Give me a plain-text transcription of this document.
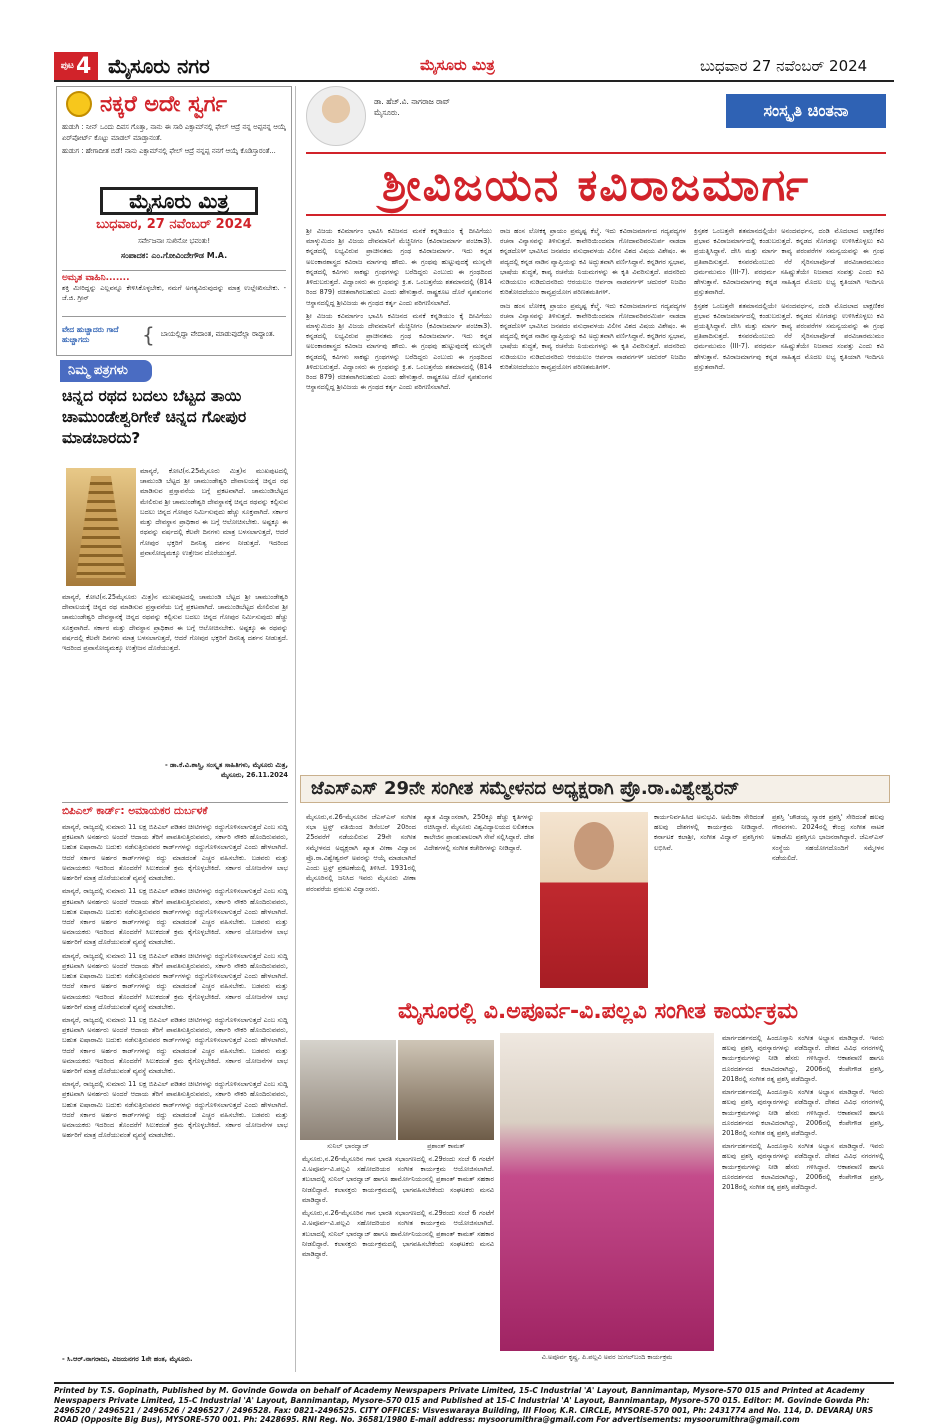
ಪುಟ 4 ಮೈಸೂರು ನಗರ	ಮೈಸೂರು ಮಿತ್ರ	ಬುಧವಾರ 27 ನವೆಂಬರ್ 2024
ನಕ್ಕರೆ ಅದೇ ಸ್ವರ್ಗ

ಹುಡುಗಿ : ನೀನ್ ಒಂದು ದಿವಸ ಗೊತ್ತಾ, ನಾನು ಈ ಸಾರಿ ಎಕ್ಸಾಮ್‌ನಲ್ಲಿ ಫೇಲ್ ಆದ್ರೆ ನನ್ನ ಅಪ್ಪನನ್ನ ಆಯ್ಕೆ ಏರ್‌ಪೋರ್ಟ್ ಕೊಟ್ಟು ಮಾಡಲ್ ಮಾಡ್ತಾನಂತೆ.

ಹುಡುಗ : ಹೇಗಾದೀತ ಬಿಡೆ! ನಾನು ಎಕ್ಸಾಮ್‌ನಲ್ಲಿ ಫೇಲ್ ಆದ್ರೆ ನನ್ನಪ್ಪ ನನಗೆ ಆಯ್ಕೆ ಕೊಡಿಸ್ತಾರಂತೆ...

ಮೈಸೂರು ಮಿತ್ರ
ಬುಧವಾರ, 27 ನವೆಂಬರ್ 2024

ಸರ್ವೇಜನಾಃ ಸುಖಿನೋ ಭವಂತು!

ಸಂಪಾದಕ: ಎಂ.ಗೋವಿಂದೇಗೌಡ M.A.

ಅಮೃತ ವಾಹಿನಿ.......
ಶಕ್ತಿ ಮೀರಿದ್ದನ್ನು ಎಲ್ಲವನ್ನೂ ಕೇಳಿಸಿಕೊಳ್ಳಬೇಕು, ನಮಗೆ ಅಗತ್ಯವಿರುವುದನ್ನು ಮಾತ್ರ ಉಲ್ಲೇಖಿಸಬೇಕು. - ಜೆ.ಜಿ. ಗ್ರೀನ್
ವೇದ ಹುಚ್ಚಾದರು ಗಾದೆ ಹುಚ್ಚಾಗದು	{ ಬಾಯಲ್ಲಿದ್ದಾ ವೇದಾಂತ, ಮಾಡುವುದೆಲ್ಲಾ ರಾದ್ಧಾಂತ.
ನಿಮ್ಮ ಪತ್ರಗಳು
ಚಿನ್ನದ ರಥದ ಬದಲು ಬೆಟ್ಟದ ತಾಯಿ ಚಾಮುಂಡೇಶ್ವರಿಗೇಕೆ ಚಿನ್ನದ ಗೋಪುರ ಮಾಡಬಾರದು?

ಮಾನ್ಯರೆ, ಕೋಟಿ(ನ.25ಮೈಸೂರು ಮಿತ್ರ)ನ ಮುಖಪುಟದಲ್ಲಿ ಚಾಮುಂಡಿ ಬೆಟ್ಟದ ಶ್ರೀ ಚಾಮುಂಡೇಶ್ವರಿ ದೇವಾಲಯಕ್ಕೆ ಚಿನ್ನದ ರಥ ಮಾಡಿಸುವ ಪ್ರಸ್ತಾವನೆಯ ಬಗ್ಗೆ ಪ್ರಕಟವಾಗಿದೆ. ಚಾಮುಂಡಿಬೆಟ್ಟದ ಮೇಲಿರುವ ಶ್ರೀ ಚಾಮುಂಡೇಶ್ವರಿ ದೇವಸ್ಥಾನಕ್ಕೆ ಚಿನ್ನದ ರಥವನ್ನು ಕಲ್ಪಿಸುವ ಬದಲು ಚಿನ್ನದ ಗೋಪುರ ನಿರ್ಮಿಸುವುದು ಹೆಚ್ಚು ಸೂಕ್ತವಾಗಿದೆ. ಸರ್ಕಾರ ಮತ್ತು ದೇವಸ್ಥಾನ ಪ್ರಾಧಿಕಾರ ಈ ಬಗ್ಗೆ ಆಲೋಚಿಸಬೇಕು. ಅಷ್ಟಕ್ಕೂ ಈ ರಥವನ್ನು ವರ್ಷದಲ್ಲಿ ಕೆಲವೇ ದಿನಗಳು ಮಾತ್ರ ಬಳಸಲಾಗುತ್ತದೆ, ಆದರೆ ಗೋಪುರ ಭಕ್ತರಿಗೆ ದಿನನಿತ್ಯ ದರ್ಶನ ನೀಡುತ್ತದೆ. ಇದರಿಂದ ಪ್ರವಾಸೋದ್ಯಮಕ್ಕೂ ಉತ್ತೇಜನ ದೊರೆಯುತ್ತದೆ.

ಮಾನ್ಯರೆ, ಕೋಟಿ(ನ.25ಮೈಸೂರು ಮಿತ್ರ)ನ ಮುಖಪುಟದಲ್ಲಿ ಚಾಮುಂಡಿ ಬೆಟ್ಟದ ಶ್ರೀ ಚಾಮುಂಡೇಶ್ವರಿ ದೇವಾಲಯಕ್ಕೆ ಚಿನ್ನದ ರಥ ಮಾಡಿಸುವ ಪ್ರಸ್ತಾವನೆಯ ಬಗ್ಗೆ ಪ್ರಕಟವಾಗಿದೆ. ಚಾಮುಂಡಿಬೆಟ್ಟದ ಮೇಲಿರುವ ಶ್ರೀ ಚಾಮುಂಡೇಶ್ವರಿ ದೇವಸ್ಥಾನಕ್ಕೆ ಚಿನ್ನದ ರಥವನ್ನು ಕಲ್ಪಿಸುವ ಬದಲು ಚಿನ್ನದ ಗೋಪುರ ನಿರ್ಮಿಸುವುದು ಹೆಚ್ಚು ಸೂಕ್ತವಾಗಿದೆ. ಸರ್ಕಾರ ಮತ್ತು ದೇವಸ್ಥಾನ ಪ್ರಾಧಿಕಾರ ಈ ಬಗ್ಗೆ ಆಲೋಚಿಸಬೇಕು. ಅಷ್ಟಕ್ಕೂ ಈ ರಥವನ್ನು ವರ್ಷದಲ್ಲಿ ಕೆಲವೇ ದಿನಗಳು ಮಾತ್ರ ಬಳಸಲಾಗುತ್ತದೆ, ಆದರೆ ಗೋಪುರ ಭಕ್ತರಿಗೆ ದಿನನಿತ್ಯ ದರ್ಶನ ನೀಡುತ್ತದೆ. ಇದರಿಂದ ಪ್ರವಾಸೋದ್ಯಮಕ್ಕೂ ಉತ್ತೇಜನ ದೊರೆಯುತ್ತದೆ.

- ಡಾ.ಕೆ.ವಿ.ಶಾಸ್ತ್ರಿ, ಸಂಸ್ಕೃತ ಸಾಹಿತಿಗಳು, ಮೈಸೂರು ಮಿತ್ರ, ಮೈಸೂರು, 26.11.2024
ಬಿಪಿಎಲ್ ಕಾರ್ಡ್: ಅಮಾಯಕರ ದುರ್ಬಳಕೆ

ಮಾನ್ಯರೆ, ರಾಜ್ಯದಲ್ಲಿ ಸುಮಾರು 11 ಲಕ್ಷ ಬಿಪಿಎಲ್ ಪಡಿತರ ಚೀಟಿಗಳನ್ನು ರದ್ದುಗೊಳಿಸಲಾಗುತ್ತದೆ ಎಂಬ ಸುದ್ದಿ ಪ್ರಕಟವಾಗಿ ಅನರ್ಹರು ಅಂದರೆ ಆದಾಯ ತೆರಿಗೆ ಪಾವತಿಸುತ್ತಿರುವವರು, ಸರ್ಕಾರಿ ನೌಕರಿ ಹೊಂದಿರುವವರು, ಬಹುತ ಐಷಾರಾಮಿ ಬದುಕು ನಡೆಸುತ್ತಿರುವವರ ಕಾರ್ಡ್‌ಗಳನ್ನು ರದ್ದುಗೊಳಿಸಲಾಗುತ್ತದೆ ಎಂದು ಹೇಳಲಾಗಿದೆ. ಆದರೆ ಸರ್ಕಾರ ಅರ್ಹರ ಕಾರ್ಡ್‌ಗಳನ್ನು ರದ್ದು ಮಾಡದಂತೆ ಎಚ್ಚರ ವಹಿಸಬೇಕು. ಬಡವರು ಮತ್ತು ಅಮಾಯಕರು ಇದರಿಂದ ತೊಂದರೆಗೆ ಸಿಲುಕದಂತೆ ಕ್ರಮ ಕೈಗೊಳ್ಳಬೇಕಿದೆ. ಸರ್ಕಾರ ಯೋಜನೆಗಳ ಲಾಭ ಅರ್ಹರಿಗೆ ಮಾತ್ರ ದೊರೆಯುವಂತೆ ವ್ಯವಸ್ಥೆ ಮಾಡಬೇಕು.

ಮಾನ್ಯರೆ, ರಾಜ್ಯದಲ್ಲಿ ಸುಮಾರು 11 ಲಕ್ಷ ಬಿಪಿಎಲ್ ಪಡಿತರ ಚೀಟಿಗಳನ್ನು ರದ್ದುಗೊಳಿಸಲಾಗುತ್ತದೆ ಎಂಬ ಸುದ್ದಿ ಪ್ರಕಟವಾಗಿ ಅನರ್ಹರು ಅಂದರೆ ಆದಾಯ ತೆರಿಗೆ ಪಾವತಿಸುತ್ತಿರುವವರು, ಸರ್ಕಾರಿ ನೌಕರಿ ಹೊಂದಿರುವವರು, ಬಹುತ ಐಷಾರಾಮಿ ಬದುಕು ನಡೆಸುತ್ತಿರುವವರ ಕಾರ್ಡ್‌ಗಳನ್ನು ರದ್ದುಗೊಳಿಸಲಾಗುತ್ತದೆ ಎಂದು ಹೇಳಲಾಗಿದೆ. ಆದರೆ ಸರ್ಕಾರ ಅರ್ಹರ ಕಾರ್ಡ್‌ಗಳನ್ನು ರದ್ದು ಮಾಡದಂತೆ ಎಚ್ಚರ ವಹಿಸಬೇಕು. ಬಡವರು ಮತ್ತು ಅಮಾಯಕರು ಇದರಿಂದ ತೊಂದರೆಗೆ ಸಿಲುಕದಂತೆ ಕ್ರಮ ಕೈಗೊಳ್ಳಬೇಕಿದೆ. ಸರ್ಕಾರ ಯೋಜನೆಗಳ ಲಾಭ ಅರ್ಹರಿಗೆ ಮಾತ್ರ ದೊರೆಯುವಂತೆ ವ್ಯವಸ್ಥೆ ಮಾಡಬೇಕು.

ಮಾನ್ಯರೆ, ರಾಜ್ಯದಲ್ಲಿ ಸುಮಾರು 11 ಲಕ್ಷ ಬಿಪಿಎಲ್ ಪಡಿತರ ಚೀಟಿಗಳನ್ನು ರದ್ದುಗೊಳಿಸಲಾಗುತ್ತದೆ ಎಂಬ ಸುದ್ದಿ ಪ್ರಕಟವಾಗಿ ಅನರ್ಹರು ಅಂದರೆ ಆದಾಯ ತೆರಿಗೆ ಪಾವತಿಸುತ್ತಿರುವವರು, ಸರ್ಕಾರಿ ನೌಕರಿ ಹೊಂದಿರುವವರು, ಬಹುತ ಐಷಾರಾಮಿ ಬದುಕು ನಡೆಸುತ್ತಿರುವವರ ಕಾರ್ಡ್‌ಗಳನ್ನು ರದ್ದುಗೊಳಿಸಲಾಗುತ್ತದೆ ಎಂದು ಹೇಳಲಾಗಿದೆ. ಆದರೆ ಸರ್ಕಾರ ಅರ್ಹರ ಕಾರ್ಡ್‌ಗಳನ್ನು ರದ್ದು ಮಾಡದಂತೆ ಎಚ್ಚರ ವಹಿಸಬೇಕು. ಬಡವರು ಮತ್ತು ಅಮಾಯಕರು ಇದರಿಂದ ತೊಂದರೆಗೆ ಸಿಲುಕದಂತೆ ಕ್ರಮ ಕೈಗೊಳ್ಳಬೇಕಿದೆ. ಸರ್ಕಾರ ಯೋಜನೆಗಳ ಲಾಭ ಅರ್ಹರಿಗೆ ಮಾತ್ರ ದೊರೆಯುವಂತೆ ವ್ಯವಸ್ಥೆ ಮಾಡಬೇಕು.

ಮಾನ್ಯರೆ, ರಾಜ್ಯದಲ್ಲಿ ಸುಮಾರು 11 ಲಕ್ಷ ಬಿಪಿಎಲ್ ಪಡಿತರ ಚೀಟಿಗಳನ್ನು ರದ್ದುಗೊಳಿಸಲಾಗುತ್ತದೆ ಎಂಬ ಸುದ್ದಿ ಪ್ರಕಟವಾಗಿ ಅನರ್ಹರು ಅಂದರೆ ಆದಾಯ ತೆರಿಗೆ ಪಾವತಿಸುತ್ತಿರುವವರು, ಸರ್ಕಾರಿ ನೌಕರಿ ಹೊಂದಿರುವವರು, ಬಹುತ ಐಷಾರಾಮಿ ಬದುಕು ನಡೆಸುತ್ತಿರುವವರ ಕಾರ್ಡ್‌ಗಳನ್ನು ರದ್ದುಗೊಳಿಸಲಾಗುತ್ತದೆ ಎಂದು ಹೇಳಲಾಗಿದೆ. ಆದರೆ ಸರ್ಕಾರ ಅರ್ಹರ ಕಾರ್ಡ್‌ಗಳನ್ನು ರದ್ದು ಮಾಡದಂತೆ ಎಚ್ಚರ ವಹಿಸಬೇಕು. ಬಡವರು ಮತ್ತು ಅಮಾಯಕರು ಇದರಿಂದ ತೊಂದರೆಗೆ ಸಿಲುಕದಂತೆ ಕ್ರಮ ಕೈಗೊಳ್ಳಬೇಕಿದೆ. ಸರ್ಕಾರ ಯೋಜನೆಗಳ ಲಾಭ ಅರ್ಹರಿಗೆ ಮಾತ್ರ ದೊರೆಯುವಂತೆ ವ್ಯವಸ್ಥೆ ಮಾಡಬೇಕು.

ಮಾನ್ಯರೆ, ರಾಜ್ಯದಲ್ಲಿ ಸುಮಾರು 11 ಲಕ್ಷ ಬಿಪಿಎಲ್ ಪಡಿತರ ಚೀಟಿಗಳನ್ನು ರದ್ದುಗೊಳಿಸಲಾಗುತ್ತದೆ ಎಂಬ ಸುದ್ದಿ ಪ್ರಕಟವಾಗಿ ಅನರ್ಹರು ಅಂದರೆ ಆದಾಯ ತೆರಿಗೆ ಪಾವತಿಸುತ್ತಿರುವವರು, ಸರ್ಕಾರಿ ನೌಕರಿ ಹೊಂದಿರುವವರು, ಬಹುತ ಐಷಾರಾಮಿ ಬದುಕು ನಡೆಸುತ್ತಿರುವವರ ಕಾರ್ಡ್‌ಗಳನ್ನು ರದ್ದುಗೊಳಿಸಲಾಗುತ್ತದೆ ಎಂದು ಹೇಳಲಾಗಿದೆ. ಆದರೆ ಸರ್ಕಾರ ಅರ್ಹರ ಕಾರ್ಡ್‌ಗಳನ್ನು ರದ್ದು ಮಾಡದಂತೆ ಎಚ್ಚರ ವಹಿಸಬೇಕು. ಬಡವರು ಮತ್ತು ಅಮಾಯಕರು ಇದರಿಂದ ತೊಂದರೆಗೆ ಸಿಲುಕದಂತೆ ಕ್ರಮ ಕೈಗೊಳ್ಳಬೇಕಿದೆ. ಸರ್ಕಾರ ಯೋಜನೆಗಳ ಲಾಭ ಅರ್ಹರಿಗೆ ಮಾತ್ರ ದೊರೆಯುವಂತೆ ವ್ಯವಸ್ಥೆ ಮಾಡಬೇಕು.

- ಸಿ.ಆರ್.ನಾಗರಾಜು, ವಿಜಯನಗರ 1ನೇ ಹಂತ, ಮೈಸೂರು.
ಡಾ. ಹೆಚ್.ವಿ. ನಾಗರಾಜ ರಾವ್
ಮೈಸೂರು.	ಸಂಸ್ಕೃತಿ ಚಿಂತನಾ
ಶ್ರೀವಿಜಯನ ಕವಿರಾಜಮಾರ್ಗ

ಶ್ರೀ ವಿಜಯ ಕವಿಮಾರ್ಗಂ ಭಾವಿಸಿ ಕವಿಜನದ ಮನಕೆ ಕನ್ನಡಿಯುಂ ಕೈ ದೀವಿಗೆಯು ಮಾಳ್ಕುಮಿದಂ ಶ್ರೀ ವಿಜಯ ದೇವಮಾನಿಗೆ ಮೆಚ್ಚಿನೀಗಂ (ಕವಿರಾಜಮಾರ್ಗ ಪಂಚಿಕಾ3). ಕನ್ನಡದಲ್ಲಿ ಲಭ್ಯವಿರುವ ಪ್ರಾಚೀನತಮ ಗ್ರಂಥ ಕವಿರಾಜಮಾರ್ಗ. ಇದು ಕನ್ನಡ ಅಲಂಕಾರಶಾಸ್ತ್ರದ ಕವಿರಾಜ ಮಾರ್ಗವು ಹೌದು. ಈ ಗ್ರಂಥವು ಹುಟ್ಟುವುದಕ್ಕೆ ಮುನ್ನವೇ ಕನ್ನಡದಲ್ಲಿ ಕವಿಗಳು ಸಾಕಷ್ಟು ಗ್ರಂಥಗಳನ್ನು ಬರೆದಿದ್ದರು ಎಂಬುದು ಈ ಗ್ರಂಥದಿಂದ ತಿಳಿದುಬರುತ್ತದೆ. ವಿದ್ವಾಂಸರು ಈ ಗ್ರಂಥವನ್ನು ಕ್ರಿ.ಶ. ಒಂಬತ್ತನೆಯ ಶತಮಾನದಲ್ಲಿ (814 ರಿಂದ 879) ರಚಿತವಾಗಿರಬಹುದು ಎಂದು ಹೇಳುತ್ತಾರೆ. ರಾಷ್ಟ್ರಕೂಟ ದೊರೆ ನೃಪತುಂಗನ ಆಸ್ಥಾನದಲ್ಲಿದ್ದ ಶ್ರೀವಿಜಯ ಈ ಗ್ರಂಥದ ಕರ್ತೃ ಎಂದು ಪರಿಗಣಿಸಲಾಗಿದೆ.

ಶ್ರೀ ವಿಜಯ ಕವಿಮಾರ್ಗಂ ಭಾವಿಸಿ ಕವಿಜನದ ಮನಕೆ ಕನ್ನಡಿಯುಂ ಕೈ ದೀವಿಗೆಯು ಮಾಳ್ಕುಮಿದಂ ಶ್ರೀ ವಿಜಯ ದೇವಮಾನಿಗೆ ಮೆಚ್ಚಿನೀಗಂ (ಕವಿರಾಜಮಾರ್ಗ ಪಂಚಿಕಾ3). ಕನ್ನಡದಲ್ಲಿ ಲಭ್ಯವಿರುವ ಪ್ರಾಚೀನತಮ ಗ್ರಂಥ ಕವಿರಾಜಮಾರ್ಗ. ಇದು ಕನ್ನಡ ಅಲಂಕಾರಶಾಸ್ತ್ರದ ಕವಿರಾಜ ಮಾರ್ಗವು ಹೌದು. ಈ ಗ್ರಂಥವು ಹುಟ್ಟುವುದಕ್ಕೆ ಮುನ್ನವೇ ಕನ್ನಡದಲ್ಲಿ ಕವಿಗಳು ಸಾಕಷ್ಟು ಗ್ರಂಥಗಳನ್ನು ಬರೆದಿದ್ದರು ಎಂಬುದು ಈ ಗ್ರಂಥದಿಂದ ತಿಳಿದುಬರುತ್ತದೆ. ವಿದ್ವಾಂಸರು ಈ ಗ್ರಂಥವನ್ನು ಕ್ರಿ.ಶ. ಒಂಬತ್ತನೆಯ ಶತಮಾನದಲ್ಲಿ (814 ರಿಂದ 879) ರಚಿತವಾಗಿರಬಹುದು ಎಂದು ಹೇಳುತ್ತಾರೆ. ರಾಷ್ಟ್ರಕೂಟ ದೊರೆ ನೃಪತುಂಗನ ಆಸ್ಥಾನದಲ್ಲಿದ್ದ ಶ್ರೀವಿಜಯ ಈ ಗ್ರಂಥದ ಕರ್ತೃ ಎಂದು ಪರಿಗಣಿಸಲಾಗಿದೆ.

ರಾಜ ಹಂಸ ಲೋಕಕ್ಕ ಪ್ರಾಯಂ ಪ್ರಮೃಷ್ಟ ಕೆಲ್ಮೆ. ಇದು ಕವಿರಾಜಮಾರ್ಗದ ಗದ್ಯಪದ್ಯಗಳ ರಚನಾ ವಿನ್ಯಾಸವನ್ನು ತಿಳಿಸುತ್ತದೆ. ಕಾವೇರಿಯಿಂದಮಾ ಗೋದಾವರಿವರಮಿರ್ಪ ನಾಡದಾ ಕನ್ನಡದೊಳ್ ಭಾವಿಸಿದ ಜನಪದಂ ವಸುಧಾವಳಯ ವಿಲೀನ ವಿಶದ ವಿಷಯ ವಿಶೇಷಂ. ಈ ಪದ್ಯದಲ್ಲಿ ಕನ್ನಡ ನಾಡಿನ ವ್ಯಾಪ್ತಿಯನ್ನು ಕವಿ ಅದ್ಭುತವಾಗಿ ವರ್ಣಿಸಿದ್ದಾನೆ. ಕನ್ನಡಿಗರ ಸ್ವಭಾವ, ಭಾಷೆಯ ಶುದ್ಧತೆ, ಕಾವ್ಯ ರಚನೆಯ ನಿಯಮಗಳನ್ನು ಈ ಕೃತಿ ವಿವರಿಸುತ್ತದೆ. ಪದನರಿದು ನುಡಿಯಲುಂ ನುಡಿದುದನರಿದು ಆರಯಲುಂ ಆರ್ಪರಾ ನಾಡವರ್ಗಳ್ ಚದುರರ್ ನಿಜದಿಂ ಕುರಿತೋದದೆಯುಂ ಕಾವ್ಯಪ್ರಯೋಗ ಪರಿಣತಮತಿಗಳ್.

ರಾಜ ಹಂಸ ಲೋಕಕ್ಕ ಪ್ರಾಯಂ ಪ್ರಮೃಷ್ಟ ಕೆಲ್ಮೆ. ಇದು ಕವಿರಾಜಮಾರ್ಗದ ಗದ್ಯಪದ್ಯಗಳ ರಚನಾ ವಿನ್ಯಾಸವನ್ನು ತಿಳಿಸುತ್ತದೆ. ಕಾವೇರಿಯಿಂದಮಾ ಗೋದಾವರಿವರಮಿರ್ಪ ನಾಡದಾ ಕನ್ನಡದೊಳ್ ಭಾವಿಸಿದ ಜನಪದಂ ವಸುಧಾವಳಯ ವಿಲೀನ ವಿಶದ ವಿಷಯ ವಿಶೇಷಂ. ಈ ಪದ್ಯದಲ್ಲಿ ಕನ್ನಡ ನಾಡಿನ ವ್ಯಾಪ್ತಿಯನ್ನು ಕವಿ ಅದ್ಭುತವಾಗಿ ವರ್ಣಿಸಿದ್ದಾನೆ. ಕನ್ನಡಿಗರ ಸ್ವಭಾವ, ಭಾಷೆಯ ಶುದ್ಧತೆ, ಕಾವ್ಯ ರಚನೆಯ ನಿಯಮಗಳನ್ನು ಈ ಕೃತಿ ವಿವರಿಸುತ್ತದೆ. ಪದನರಿದು ನುಡಿಯಲುಂ ನುಡಿದುದನರಿದು ಆರಯಲುಂ ಆರ್ಪರಾ ನಾಡವರ್ಗಳ್ ಚದುರರ್ ನಿಜದಿಂ ಕುರಿತೋದದೆಯುಂ ಕಾವ್ಯಪ್ರಯೋಗ ಪರಿಣತಮತಿಗಳ್.

ಕ್ರಿಸ್ತಶಕ ಒಂಬತ್ತನೇ ಶತಮಾನದಲ್ಲಿಯೇ ಅನಂದವರ್ಧನ, ದಂಡಿ ಮೊದಲಾದ ಲಾಕ್ಷಣಿಕರ ಪ್ರಭಾವ ಕವಿರಾಜಮಾರ್ಗದಲ್ಲಿ ಕಂಡುಬರುತ್ತದೆ. ಕನ್ನಡದ ಸೊಗಡನ್ನು ಉಳಿಸಿಕೊಳ್ಳಲು ಕವಿ ಪ್ರಯತ್ನಿಸಿದ್ದಾನೆ. ದೇಸಿ ಮತ್ತು ಮಾರ್ಗ ಕಾವ್ಯ ಪರಂಪರೆಗಳ ಸಮನ್ವಯವನ್ನು ಈ ಗ್ರಂಥ ಪ್ರತಿಪಾದಿಸುತ್ತದೆ. ಕಸವರಮೆಂಬುದು ನೆರೆ ಸೈರಿಸಲಾರ್ಪೊಡೆ ಪರವಿಚಾರಮುಮಂ ಧರ್ಮಮುಮಂ (III-7). ಪರಧರ್ಮ ಸಹಿಷ್ಣುತೆಯೇ ನಿಜವಾದ ಸಂಪತ್ತು ಎಂದು ಕವಿ ಹೇಳುತ್ತಾನೆ. ಕವಿರಾಜಮಾರ್ಗವು ಕನ್ನಡ ಸಾಹಿತ್ಯದ ಮೊದಲ ಲಭ್ಯ ಕೃತಿಯಾಗಿ ಇಂದಿಗೂ ಪ್ರಸ್ತುತವಾಗಿದೆ.

ಕ್ರಿಸ್ತಶಕ ಒಂಬತ್ತನೇ ಶತಮಾನದಲ್ಲಿಯೇ ಅನಂದವರ್ಧನ, ದಂಡಿ ಮೊದಲಾದ ಲಾಕ್ಷಣಿಕರ ಪ್ರಭಾವ ಕವಿರಾಜಮಾರ್ಗದಲ್ಲಿ ಕಂಡುಬರುತ್ತದೆ. ಕನ್ನಡದ ಸೊಗಡನ್ನು ಉಳಿಸಿಕೊಳ್ಳಲು ಕವಿ ಪ್ರಯತ್ನಿಸಿದ್ದಾನೆ. ದೇಸಿ ಮತ್ತು ಮಾರ್ಗ ಕಾವ್ಯ ಪರಂಪರೆಗಳ ಸಮನ್ವಯವನ್ನು ಈ ಗ್ರಂಥ ಪ್ರತಿಪಾದಿಸುತ್ತದೆ. ಕಸವರಮೆಂಬುದು ನೆರೆ ಸೈರಿಸಲಾರ್ಪೊಡೆ ಪರವಿಚಾರಮುಮಂ ಧರ್ಮಮುಮಂ (III-7). ಪರಧರ್ಮ ಸಹಿಷ್ಣುತೆಯೇ ನಿಜವಾದ ಸಂಪತ್ತು ಎಂದು ಕವಿ ಹೇಳುತ್ತಾನೆ. ಕವಿರಾಜಮಾರ್ಗವು ಕನ್ನಡ ಸಾಹಿತ್ಯದ ಮೊದಲ ಲಭ್ಯ ಕೃತಿಯಾಗಿ ಇಂದಿಗೂ ಪ್ರಸ್ತುತವಾಗಿದೆ.

ಜೆಎಸ್‌ಎಸ್ 29ನೇ ಸಂಗೀತ ಸಮ್ಮೇಳನದ ಅಧ್ಯಕ್ಷರಾಗಿ ಪ್ರೊ.ರಾ.ವಿಶ್ವೇಶ್ವರನ್
ಮೈಸೂರು,ನ.26-ಮೈಸೂರಿನ ಜೆಎಸ್‌ಎಸ್ ಸಂಗೀತ ಸಭಾ ಟ್ರಸ್ಟ್ ವತಿಯಿಂದ ಡಿಸೆಂಬರ್ 20ರಿಂದ 25ರವರೆಗೆ ನಡೆಯಲಿರುವ 29ನೇ ಸಂಗೀತ ಸಮ್ಮೇಳನದ ಅಧ್ಯಕ್ಷರಾಗಿ ಖ್ಯಾತ ವೀಣಾ ವಿದ್ವಾಂಸ ಪ್ರೊ.ರಾ.ವಿಶ್ವೇಶ್ವರನ್ ಅವರನ್ನು ಆಯ್ಕೆ ಮಾಡಲಾಗಿದೆ ಎಂದು ಟ್ರಸ್ಟ್ ಪ್ರಕಟಣೆಯಲ್ಲಿ ತಿಳಿಸಿದೆ. 1931ರಲ್ಲಿ ಮೈಸೂರಿನಲ್ಲಿ ಜನಿಸಿದ ಇವರು ಮೈಸೂರು ವೀಣಾ ಪರಂಪರೆಯ ಪ್ರಮುಖ ವಿದ್ವಾಂಸರು.
ಖ್ಯಾತ ವಿದ್ವಾಂಸರಾಗಿ, 250ಕ್ಕೂ ಹೆಚ್ಚು ಕೃತಿಗಳನ್ನು ರಚಿಸಿದ್ದಾರೆ. ಮೈಸೂರು ವಿಶ್ವವಿದ್ಯಾಲಯದ ಲಲಿತಕಲಾ ಕಾಲೇಜಿನ ಪ್ರಾಂಶುಪಾಲರಾಗಿ ಸೇವೆ ಸಲ್ಲಿಸಿದ್ದಾರೆ. ದೇಶ ವಿದೇಶಗಳಲ್ಲಿ ಸಂಗೀತ ಕಚೇರಿಗಳನ್ನು ನೀಡಿದ್ದಾರೆ.
ಕಾರ್ಯನಿರ್ವಹಿಸಿದ ಅನುಭವಿ. ಅಮೆರಿಕಾ ಸೇರಿದಂತೆ ಹಲವು ದೇಶಗಳಲ್ಲಿ ಕಾರ್ಯಕ್ರಮ ನೀಡಿದ್ದಾರೆ. ಕರ್ನಾಟಕ ಕಲಾಶ್ರೀ, ಸಂಗೀತ ವಿದ್ವಾನ್ ಪ್ರಶಸ್ತಿಗಳು ಲಭಿಸಿವೆ.
ಪ್ರಶಸ್ತಿ 'ಚೌಡಯ್ಯ ಸ್ಮಾರಕ ಪ್ರಶಸ್ತಿ' ಸೇರಿದಂತೆ ಹಲವು ಗೌರವಗಳು. 2024ರಲ್ಲಿ ಕೇಂದ್ರ ಸಂಗೀತ ನಾಟಕ ಅಕಾಡೆಮಿ ಪ್ರಶಸ್ತಿಗೂ ಭಾಜನರಾಗಿದ್ದಾರೆ. ಜೆಎಸ್‌ಎಸ್ ಸಂಸ್ಥೆಯ ಸಹಯೋಗದೊಂದಿಗೆ ಸಮ್ಮೇಳನ ನಡೆಯಲಿದೆ.
ಮೈಸೂರಲ್ಲಿ ವಿ.ಅಪೂರ್ವ-ವಿ.ಪಲ್ಲವಿ ಸಂಗೀತ ಕಾರ್ಯಕ್ರಮ
ಸುನಿಲ್ ಭಾರದ್ವಾಜ್	ಪ್ರಶಾಂತ್ ಕಾಮತ್

ಮೈಸೂರು,ನ.26-ಮೈಸೂರಿನ ಗಾನ ಭಾರತಿ ಸಭಾಂಗಣದಲ್ಲಿ ನ.29ರಂದು ಸಂಜೆ 6 ಗಂಟೆಗೆ ವಿ.ಅಪೂರ್ವ-ವಿ.ಪಲ್ಲವಿ ಸಹೋದರಿಯರ ಸಂಗೀತ ಕಾರ್ಯಕ್ರಮ ಆಯೋಜಿಸಲಾಗಿದೆ. ತಬಲಾದಲ್ಲಿ ಸುನಿಲ್ ಭಾರದ್ವಾಜ್ ಹಾಗೂ ಹಾರ್ಮೋನಿಯಂನಲ್ಲಿ ಪ್ರಶಾಂತ್ ಕಾಮತ್ ಸಹಕಾರ ನೀಡಲಿದ್ದಾರೆ. ಕಲಾಸಕ್ತರು ಕಾರ್ಯಕ್ರಮದಲ್ಲಿ ಭಾಗವಹಿಸಬೇಕೆಂದು ಸಂಘಟಕರು ಮನವಿ ಮಾಡಿದ್ದಾರೆ.

ಮೈಸೂರು,ನ.26-ಮೈಸೂರಿನ ಗಾನ ಭಾರತಿ ಸಭಾಂಗಣದಲ್ಲಿ ನ.29ರಂದು ಸಂಜೆ 6 ಗಂಟೆಗೆ ವಿ.ಅಪೂರ್ವ-ವಿ.ಪಲ್ಲವಿ ಸಹೋದರಿಯರ ಸಂಗೀತ ಕಾರ್ಯಕ್ರಮ ಆಯೋಜಿಸಲಾಗಿದೆ. ತಬಲಾದಲ್ಲಿ ಸುನಿಲ್ ಭಾರದ್ವಾಜ್ ಹಾಗೂ ಹಾರ್ಮೋನಿಯಂನಲ್ಲಿ ಪ್ರಶಾಂತ್ ಕಾಮತ್ ಸಹಕಾರ ನೀಡಲಿದ್ದಾರೆ. ಕಲಾಸಕ್ತರು ಕಾರ್ಯಕ್ರಮದಲ್ಲಿ ಭಾಗವಹಿಸಬೇಕೆಂದು ಸಂಘಟಕರು ಮನವಿ ಮಾಡಿದ್ದಾರೆ.

ವಿ.ಅಪೂರ್ವ ಕೃಷ್ಣ, ಪಿ.ಪಲ್ಲವಿ ಅವರ ಜುಗಲ್‌ಬಂದಿ ಕಾರ್ಯಕ್ರಮ

ಮಾರ್ಗದರ್ಶನದಲ್ಲಿ ಹಿಂದೂಸ್ತಾನಿ ಸಂಗೀತ ಅಭ್ಯಾಸ ಮಾಡಿದ್ದಾರೆ. ಇವರು ಹಲವು ಪ್ರಶಸ್ತಿ ಪುರಸ್ಕಾರಗಳನ್ನು ಪಡೆದಿದ್ದಾರೆ. ದೇಶದ ವಿವಿಧ ನಗರಗಳಲ್ಲಿ ಕಾರ್ಯಕ್ರಮಗಳನ್ನು ನೀಡಿ ಹೆಸರು ಗಳಿಸಿದ್ದಾರೆ. ಆಕಾಶವಾಣಿ ಹಾಗೂ ದೂರದರ್ಶನದ ಕಲಾವಿದರಾಗಿದ್ದು, 2006ರಲ್ಲಿ ಕೆಂಪೇಗೌಡ ಪ್ರಶಸ್ತಿ, 2018ರಲ್ಲಿ ಸಂಗೀತ ರತ್ನ ಪ್ರಶಸ್ತಿ ಪಡೆದಿದ್ದಾರೆ.

ಮಾರ್ಗದರ್ಶನದಲ್ಲಿ ಹಿಂದೂಸ್ತಾನಿ ಸಂಗೀತ ಅಭ್ಯಾಸ ಮಾಡಿದ್ದಾರೆ. ಇವರು ಹಲವು ಪ್ರಶಸ್ತಿ ಪುರಸ್ಕಾರಗಳನ್ನು ಪಡೆದಿದ್ದಾರೆ. ದೇಶದ ವಿವಿಧ ನಗರಗಳಲ್ಲಿ ಕಾರ್ಯಕ್ರಮಗಳನ್ನು ನೀಡಿ ಹೆಸರು ಗಳಿಸಿದ್ದಾರೆ. ಆಕಾಶವಾಣಿ ಹಾಗೂ ದೂರದರ್ಶನದ ಕಲಾವಿದರಾಗಿದ್ದು, 2006ರಲ್ಲಿ ಕೆಂಪೇಗೌಡ ಪ್ರಶಸ್ತಿ, 2018ರಲ್ಲಿ ಸಂಗೀತ ರತ್ನ ಪ್ರಶಸ್ತಿ ಪಡೆದಿದ್ದಾರೆ.

ಮಾರ್ಗದರ್ಶನದಲ್ಲಿ ಹಿಂದೂಸ್ತಾನಿ ಸಂಗೀತ ಅಭ್ಯಾಸ ಮಾಡಿದ್ದಾರೆ. ಇವರು ಹಲವು ಪ್ರಶಸ್ತಿ ಪುರಸ್ಕಾರಗಳನ್ನು ಪಡೆದಿದ್ದಾರೆ. ದೇಶದ ವಿವಿಧ ನಗರಗಳಲ್ಲಿ ಕಾರ್ಯಕ್ರಮಗಳನ್ನು ನೀಡಿ ಹೆಸರು ಗಳಿಸಿದ್ದಾರೆ. ಆಕಾಶವಾಣಿ ಹಾಗೂ ದೂರದರ್ಶನದ ಕಲಾವಿದರಾಗಿದ್ದು, 2006ರಲ್ಲಿ ಕೆಂಪೇಗೌಡ ಪ್ರಶಸ್ತಿ, 2018ರಲ್ಲಿ ಸಂಗೀತ ರತ್ನ ಪ್ರಶಸ್ತಿ ಪಡೆದಿದ್ದಾರೆ.

Printed by T.S. Gopinath, Published by M. Govinde Gowda on behalf of Academy Newspapers Private Limited, 15-C Industrial 'A' Layout, Bannimantap, Mysore-570 015 and Printed at Academy Newspapers Private Limited, 15-C Industrial 'A' Layout, Bannimantap, Mysore-570 015 and Published at 15-C Industrial 'A' Layout, Bannimantap, Mysore-570 015. Editor: M. Govinde Gowda Ph: 2496520 / 2496521 / 2496526 / 2496527 / 2496528. Fax: 0821-2496525. CITY OFFICES: Visveswaraya Building, III Floor, K.R. CIRCLE, MYSORE-570 001, Ph: 2431774 and No. 114, D. DEVARAJ URS ROAD (Opposite Big Bus), MYSORE-570 001. Ph: 2428695. RNI Reg. No. 36581/1980 E-mail address: mysoorumithra@gmail.com For advertisements: mysoorumithra@gmail.com
